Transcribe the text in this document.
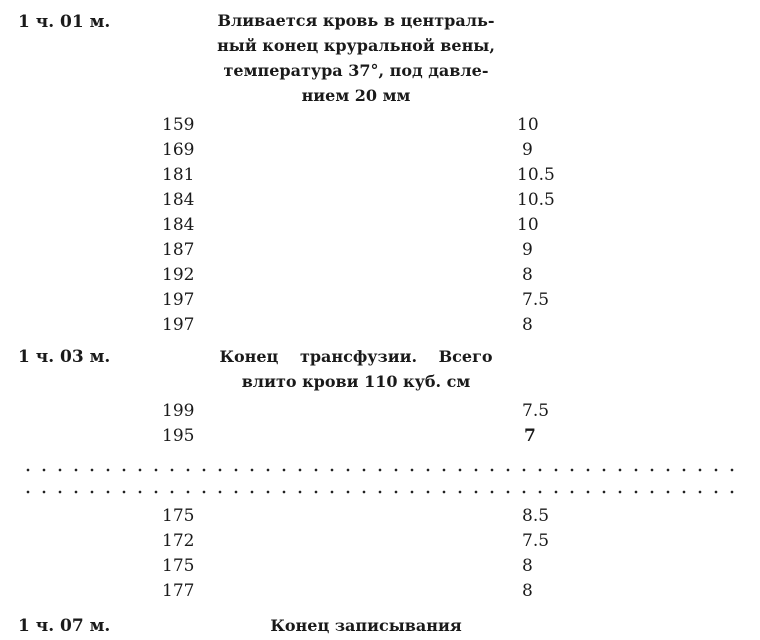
1 ч. 01 м.	Вливается кровь в централь-
ный конец круральной вены,
температура 37°, под давле-
нием 20 мм
159	10
169	9
181	10.5
184	10.5
184	10
187	9
192	8
197	7.5
197	8
1 ч. 03 м.	Конец трансфузии. Всего
влито крови 110 куб. см
199	7.5
195	7
175	8.5
172	7.5
175	8
177	8
1 ч. 07 м.	Конец записывания
